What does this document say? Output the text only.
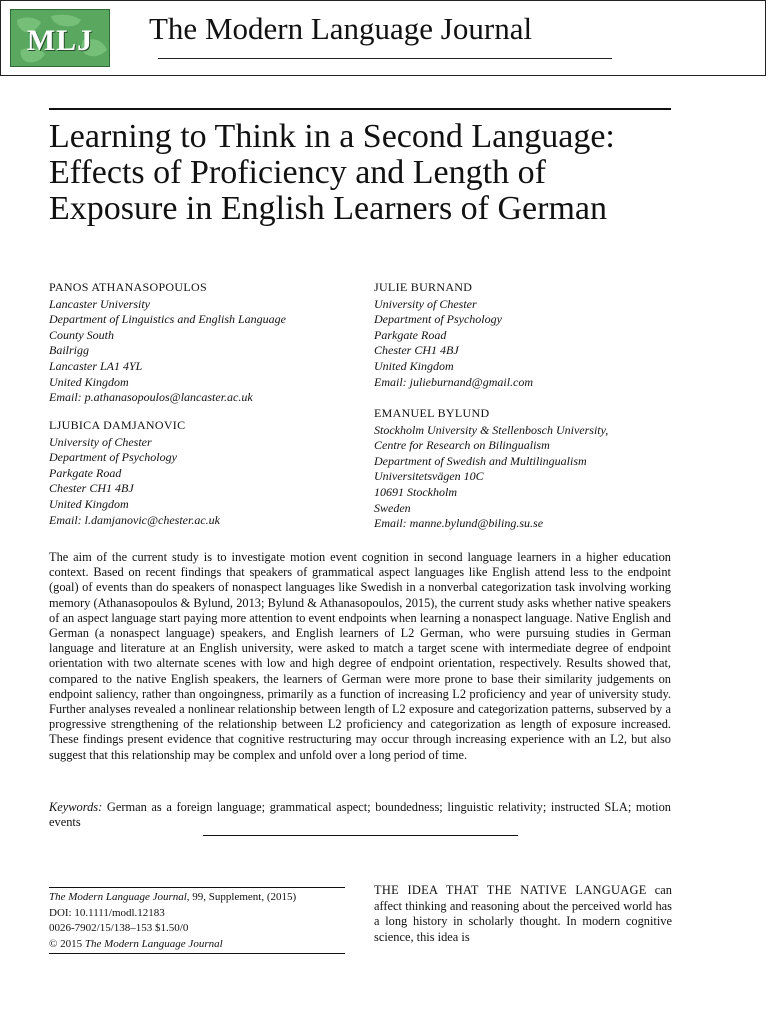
MLJ	The Modern Language Journal
Learning to Think in a Second Language: Effects of Proficiency and Length of Exposure in English Learners of German
PANOS ATHANASOPOULOS
Lancaster University
Department of Linguistics and English Language
County South
Bailrigg
Lancaster LA1 4YL
United Kingdom
Email: p.athanasopoulos@lancaster.ac.uk
JULIE BURNAND
University of Chester
Department of Psychology
Parkgate Road
Chester CH1 4BJ
United Kingdom
Email: julieburnand@gmail.com
LJUBICA DAMJANOVIC
University of Chester
Department of Psychology
Parkgate Road
Chester CH1 4BJ
United Kingdom
Email: l.damjanovic@chester.ac.uk
EMANUEL BYLUND
Stockholm University & Stellenbosch University,
Centre for Research on Bilingualism
Department of Swedish and Multilingualism
Universitetsvägen 10C
10691 Stockholm
Sweden
Email: manne.bylund@biling.su.se

The aim of the current study is to investigate motion event cognition in second language learners in a higher education context. Based on recent findings that speakers of grammatical aspect languages like English attend less to the endpoint (goal) of events than do speakers of nonaspect languages like Swedish in a nonverbal categorization task involving working memory (Athanasopoulos & Bylund, 2013; Bylund & Athanasopoulos, 2015), the current study asks whether native speakers of an aspect language start paying more attention to event endpoints when learning a nonaspect language. Native English and German (a nonaspect language) speakers, and English learners of L2 German, who were pursuing studies in German language and literature at an English university, were asked to match a target scene with intermediate degree of endpoint orientation with two alternate scenes with low and high degree of endpoint orientation, respectively. Results showed that, compared to the native English speakers, the learners of German were more prone to base their similarity judgements on endpoint saliency, rather than ongoingness, primarily as a function of increasing L2 proficiency and year of university study. Further analyses revealed a nonlinear relationship between length of L2 exposure and categorization patterns, subserved by a progressive strengthening of the relationship between L2 proficiency and categorization as length of exposure increased. These findings present evidence that cognitive restructuring may occur through increasing experience with an L2, but also suggest that this relationship may be complex and unfold over a long period of time.

Keywords: German as a foreign language; grammatical aspect; boundedness; linguistic relativity; instructed SLA; motion events

The Modern Language Journal, 99, Supplement, (2015)
DOI: 10.1111/modl.12183
0026-7902/15/138–153 $1.50/0
© 2015 The Modern Language Journal

THE IDEA THAT THE NATIVE LANGUAGE can affect thinking and reasoning about the perceived world has a long history in scholarly thought. In modern cognitive science, this idea is
